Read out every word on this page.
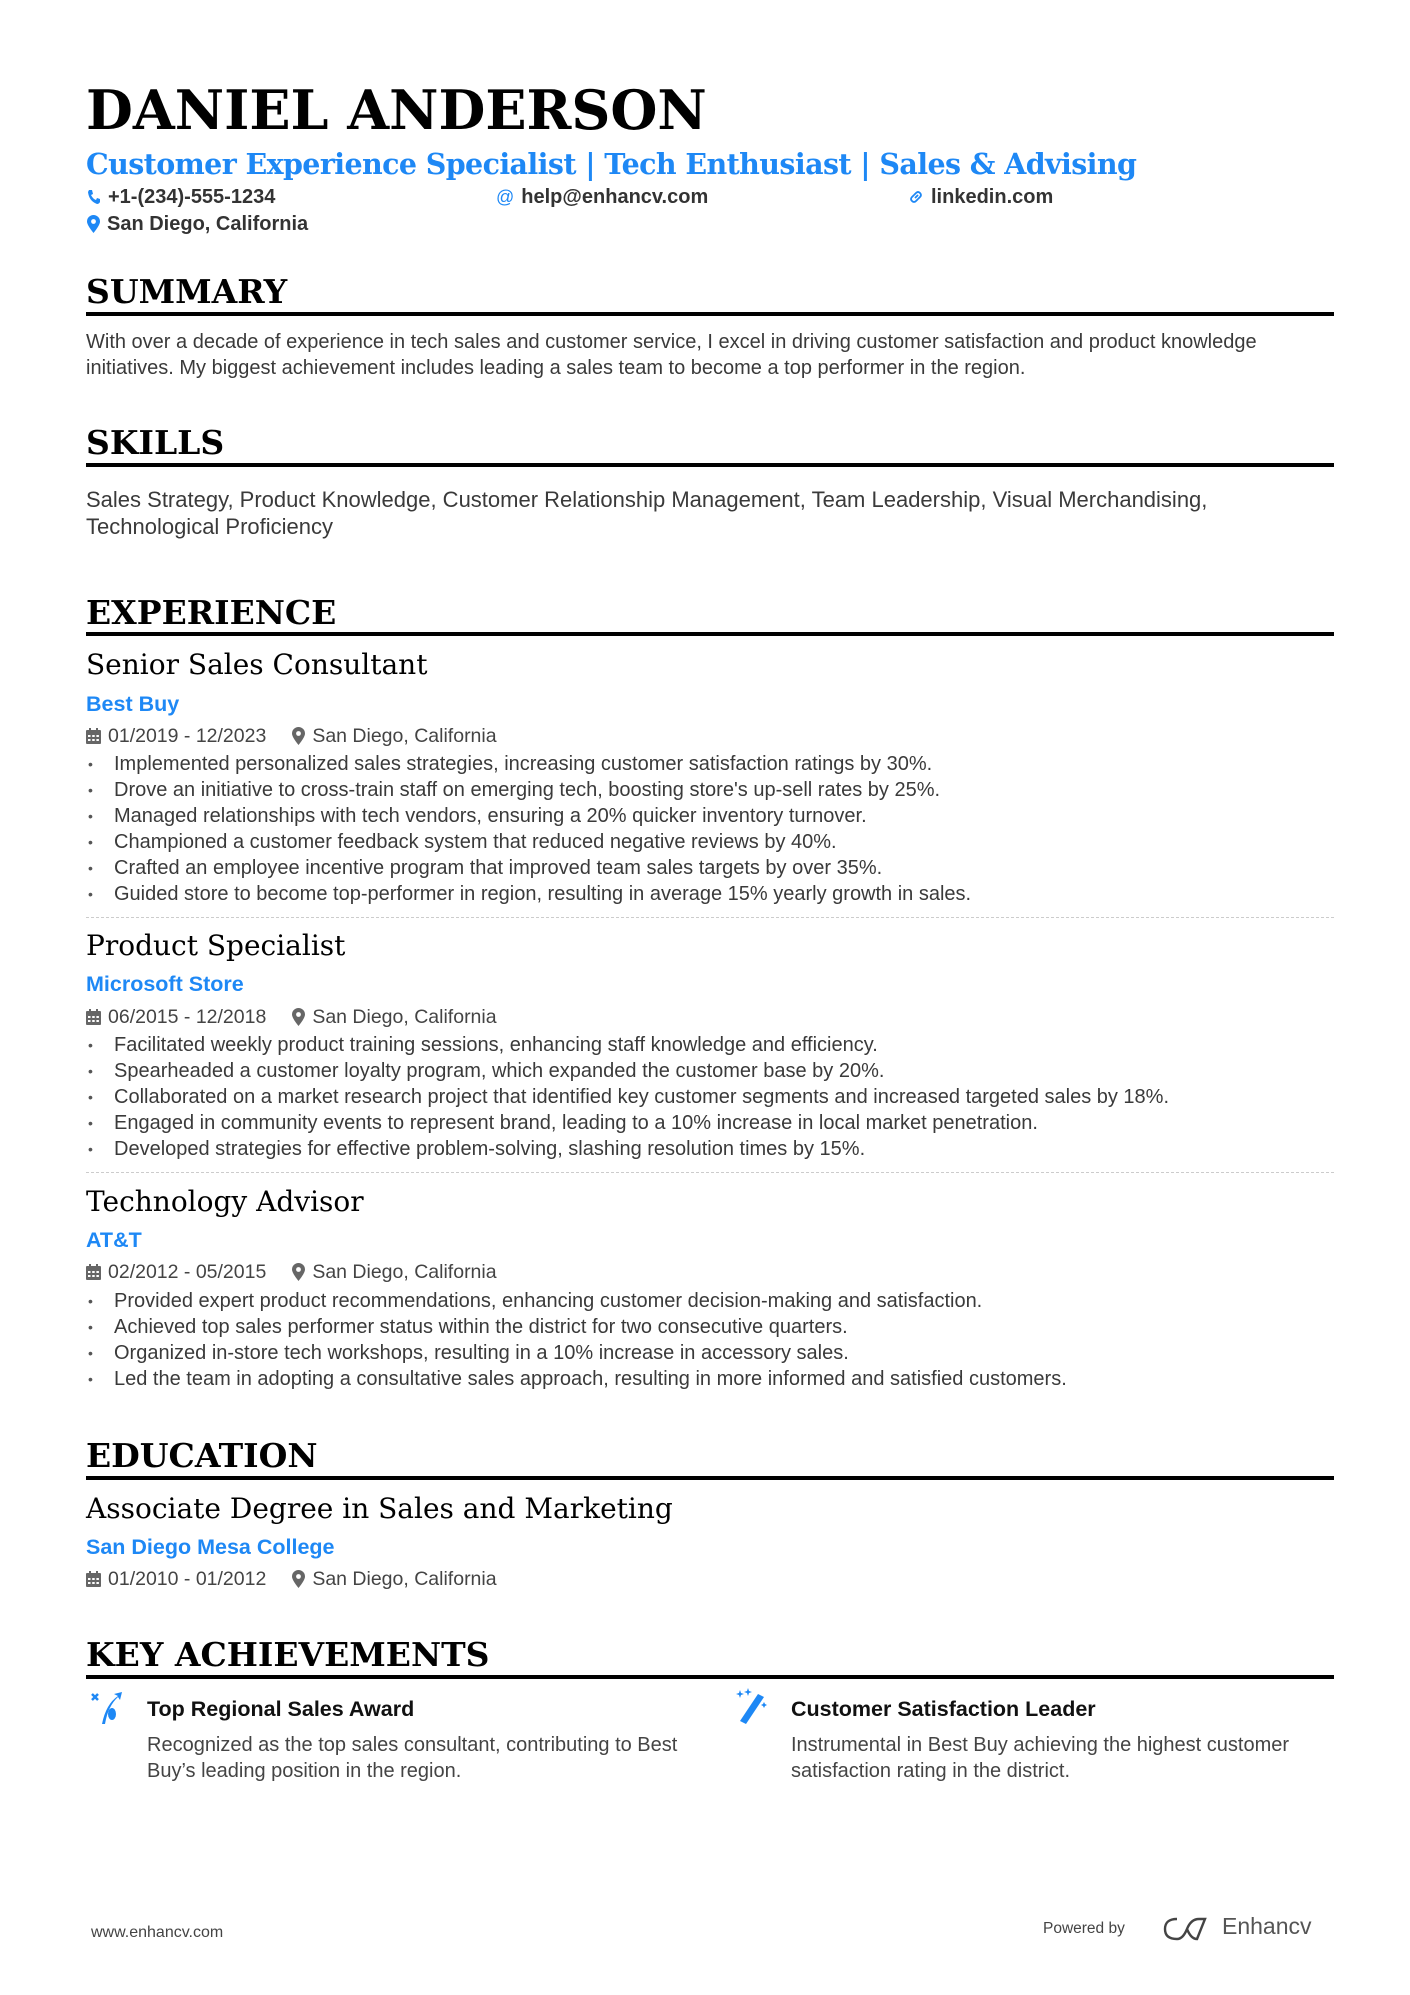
DANIEL ANDERSON
Customer Experience Specialist | Tech Enthusiast | Sales & Advising
+1-(234)-555-1234	@ help@enhancv.com	linkedin.com
San Diego, California
SUMMARY
With over a decade of experience in tech sales and customer service, I excel in driving customer satisfaction and product knowledge initiatives. My biggest achievement includes leading a sales team to become a top performer in the region.
SKILLS
Sales Strategy, Product Knowledge, Customer Relationship Management, Team Leadership, Visual Merchandising, Technological Proficiency
EXPERIENCE
Senior Sales Consultant
Best Buy
01/2019 - 12/2023 San Diego, California
• Implemented personalized sales strategies, increasing customer satisfaction ratings by 30%.
• Drove an initiative to cross-train staff on emerging tech, boosting store's up-sell rates by 25%.
• Managed relationships with tech vendors, ensuring a 20% quicker inventory turnover.
• Championed a customer feedback system that reduced negative reviews by 40%.
• Crafted an employee incentive program that improved team sales targets by over 35%.
• Guided store to become top-performer in region, resulting in average 15% yearly growth in sales.
Product Specialist
Microsoft Store
06/2015 - 12/2018 San Diego, California
• Facilitated weekly product training sessions, enhancing staff knowledge and efficiency.
• Spearheaded a customer loyalty program, which expanded the customer base by 20%.
• Collaborated on a market research project that identified key customer segments and increased targeted sales by 18%.
• Engaged in community events to represent brand, leading to a 10% increase in local market penetration.
• Developed strategies for effective problem-solving, slashing resolution times by 15%.
Technology Advisor
AT&T
02/2012 - 05/2015 San Diego, California
• Provided expert product recommendations, enhancing customer decision-making and satisfaction.
• Achieved top sales performer status within the district for two consecutive quarters.
• Organized in-store tech workshops, resulting in a 10% increase in accessory sales.
• Led the team in adopting a consultative sales approach, resulting in more informed and satisfied customers.
EDUCATION
Associate Degree in Sales and Marketing
San Diego Mesa College
01/2010 - 01/2012 San Diego, California
KEY ACHIEVEMENTS
Top Regional Sales Award
Recognized as the top sales consultant, contributing to Best Buy’s leading position in the region.
Customer Satisfaction Leader
Instrumental in Best Buy achieving the highest customer satisfaction rating in the district.
www.enhancv.com	Powered by	Enhancv
